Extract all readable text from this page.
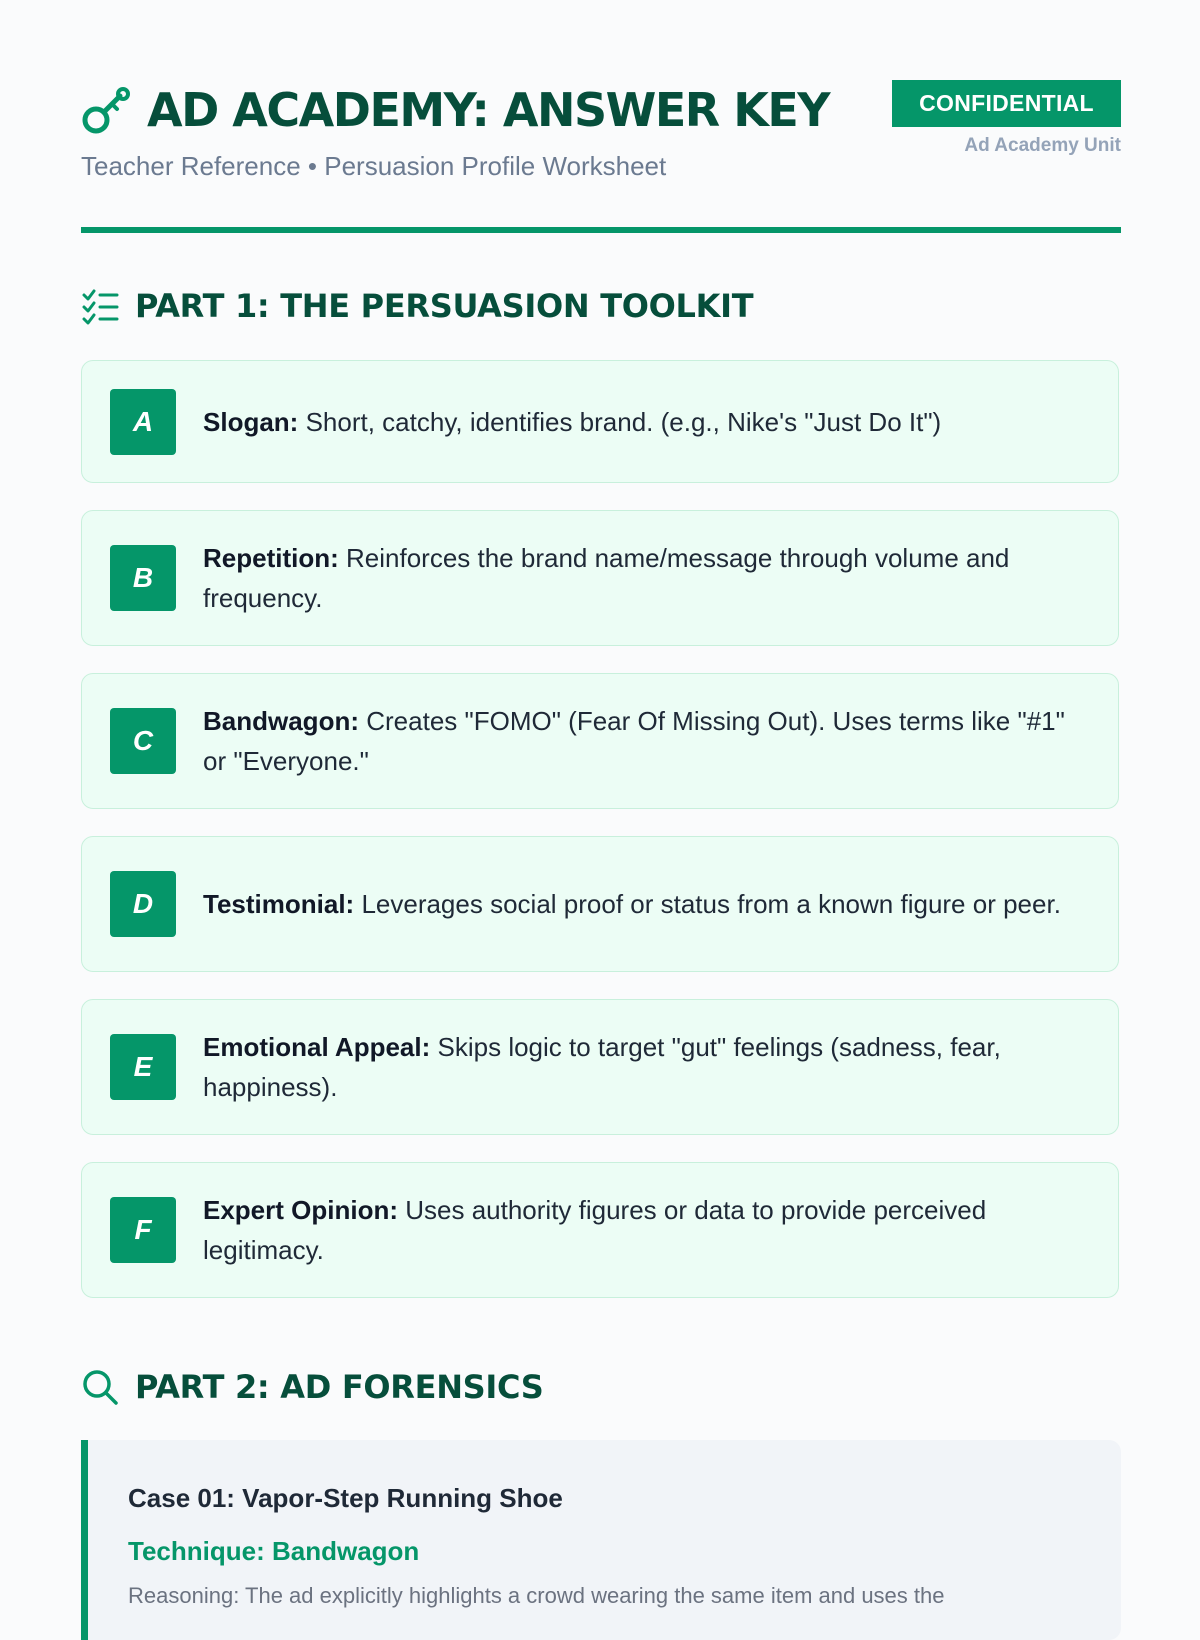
AD ACADEMY: ANSWER KEY
Teacher Reference • Persuasion Profile Worksheet
CONFIDENTIAL
Ad Academy Unit
PART 1: THE PERSUASION TOOLKIT
A	Slogan: Short, catchy, identifies brand. (e.g., Nike's "Just Do It")
B
Repetition: Reinforces the brand name/message through volume and frequency.
C
Bandwagon: Creates "FOMO" (Fear Of Missing Out). Uses terms like "#1" or "Everyone."
D	Testimonial: Leverages social proof or status from a known figure or peer.
E
Emotional Appeal: Skips logic to target "gut" feelings (sadness, fear, happiness).
F
Expert Opinion: Uses authority figures or data to provide perceived legitimacy.
PART 2: AD FORENSICS
Case 01: Vapor-Step Running Shoe
Technique: Bandwagon
Reasoning: The ad explicitly highlights a crowd wearing the same item and uses the
